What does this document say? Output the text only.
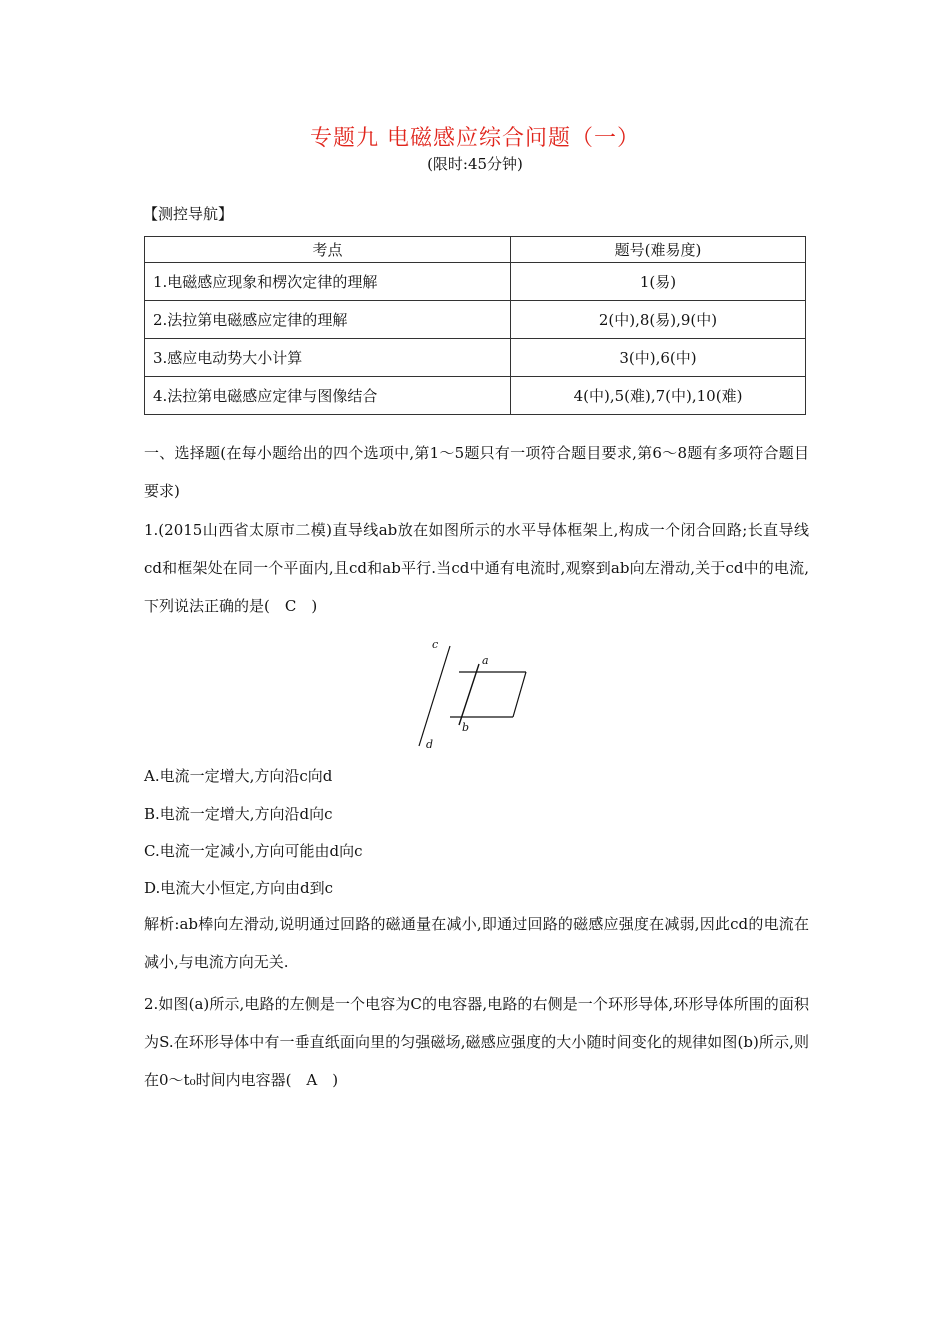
专题九 电磁感应综合问题（一）
(限时:45分钟)
【测控导航】
考点	题号(难易度)
1.电磁感应现象和楞次定律的理解	1(易)
2.法拉第电磁感应定律的理解	2(中),8(易),9(中)
3.感应电动势大小计算	3(中),6(中)
4.法拉第电磁感应定律与图像结合	4(中),5(难),7(中),10(难)
一、选择题(在每小题给出的四个选项中,第1～5题只有一项符合题目要求,第6～8题有多项符合题目要求)
1.(2015山西省太原市二模)直导线ab放在如图所示的水平导体框架上,构成一个闭合回路;长直导线cd和框架处在同一个平面内,且cd和ab平行.当cd中通有电流时,观察到ab向左滑动,关于cd中的电流,下列说法正确的是(　C　)
c
d
a
b
A.电流一定增大,方向沿c向d
B.电流一定增大,方向沿d向c
C.电流一定减小,方向可能由d向c
D.电流大小恒定,方向由d到c
解析:ab棒向左滑动,说明通过回路的磁通量在减小,即通过回路的磁感应强度在减弱,因此cd的电流在减小,与电流方向无关.
2.如图(a)所示,电路的左侧是一个电容为C的电容器,电路的右侧是一个环形导体,环形导体所围的面积为S.在环形导体中有一垂直纸面向里的匀强磁场,磁感应强度的大小随时间变化的规律如图(b)所示,则在0～t₀时间内电容器(　A　)
